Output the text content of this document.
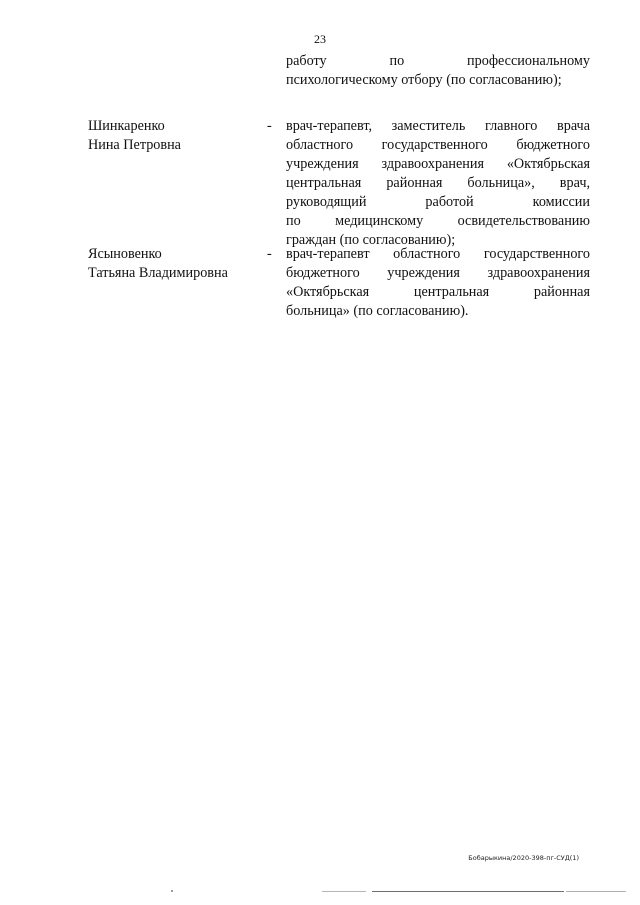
23
работу по профессиональному
психологическому отбору (по согласованию);
Шинкаренко
Нина Петровна
- врач-терапевт, заместитель главного врача
областного государственного бюджетного
учреждения здравоохранения «Октябрьская
центральная районная больница», врач,
руководящий работой комиссии
по медицинскому освидетельствованию
граждан (по согласованию);
Ясыновенко
Татьяна Владимировна
- врач-терапевт областного государственного
бюджетного учреждения здравоохранения
«Октябрьская центральная районная
больница» (по согласованию).
Бобарыкина/2020-398-пг-СУД(1)
